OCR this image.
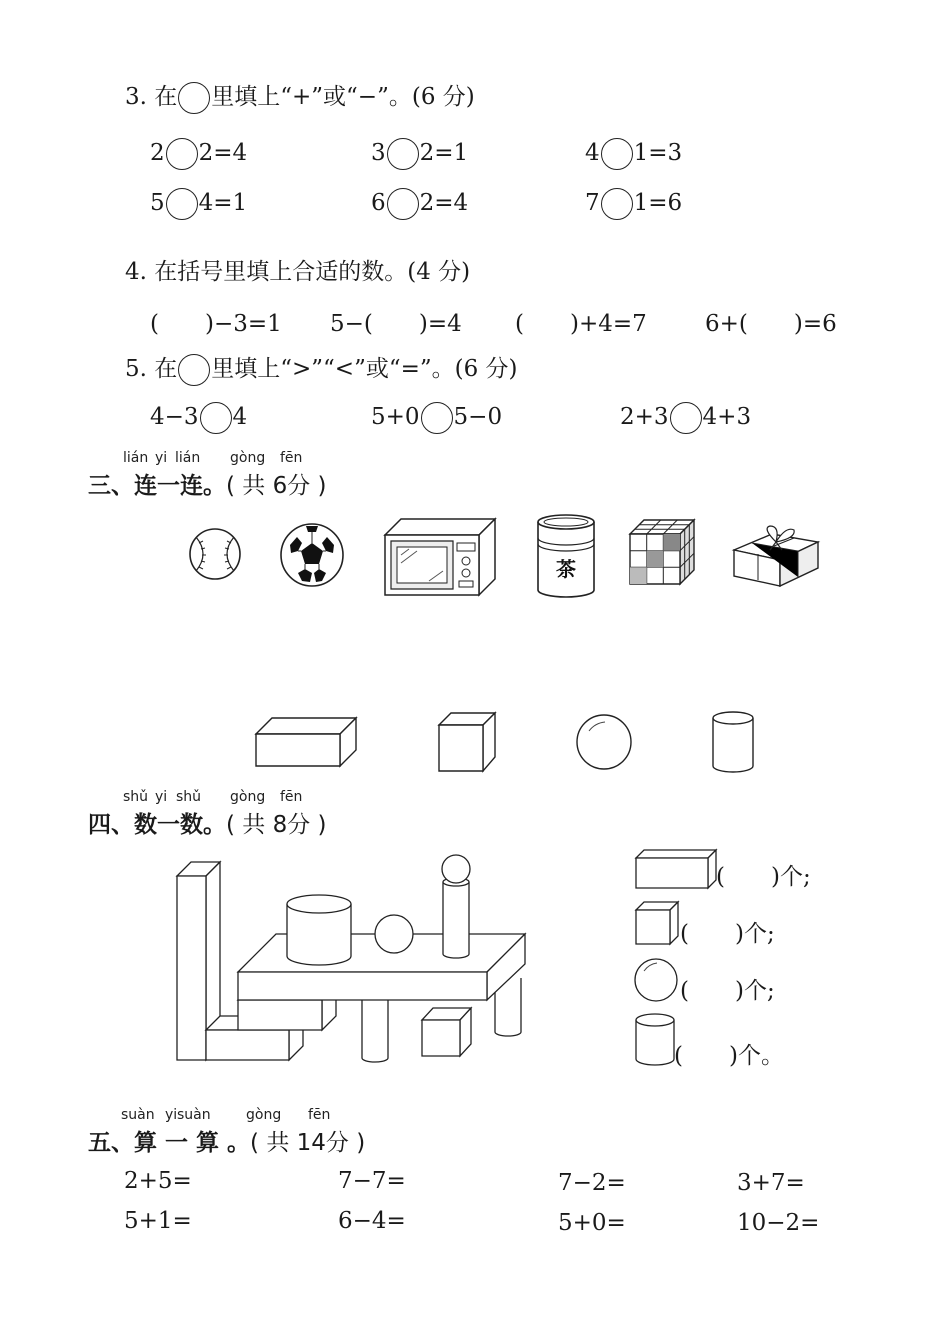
3. 在 里填上“+”或“−”。(6 分)
2 2=4	3 2=1	4 1=3
5 4=1	6 2=4	7 1=6
4. 在括号里填上合适的数。(4 分)
(　　)−3=1 5−(　　)=4 (　　)+4=7	6+(　　)=6
5. 在 里填上“>”“<”或“=”。(6 分)
4−3 4	5+0 5−0	2+3 4+3
lián yi lián gòng fēn
三、连一连。( 共 6分 )
茶
shǔ yi shǔ gòng fēn
四、数一数。( 共 8分 )
(　　)个;
(　　)个;
(　　)个;
(　　)个。
suàn yi suàn	gòng fēn
五、算 一 算 。( 共 14分 )
2+5=	7−7=	7−2=	3+7=
5+1=	6−4=	5+0=	10−2=
